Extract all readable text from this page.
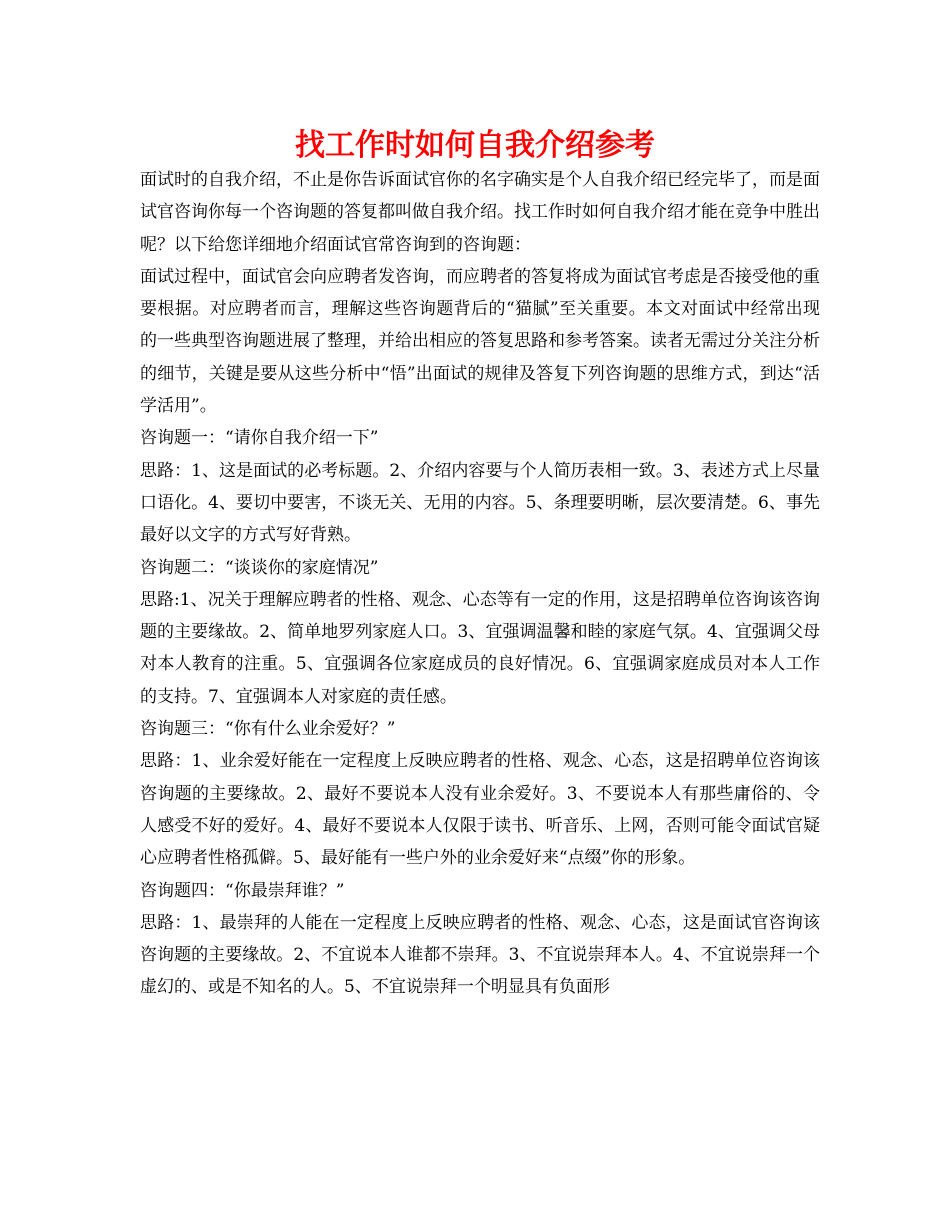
找工作时如何自我介绍参考

面试时的自我介绍，不止是你告诉面试官你的名字确实是个人自我介绍已经完毕了，而是面试官咨询你每一个咨询题的答复都叫做自我介绍。找工作时如何自我介绍才能在竞争中胜出呢？以下给您详细地介绍面试官常咨询到的咨询题：

面试过程中，面试官会向应聘者发咨询，而应聘者的答复将成为面试官考虑是否接受他的重要根据。对应聘者而言，理解这些咨询题背后的“猫腻”至关重要。本文对面试中经常出现的一些典型咨询题进展了整理，并给出相应的答复思路和参考答案。读者无需过分关注分析的细节，关键是要从这些分析中“悟”出面试的规律及答复下列咨询题的思维方式，到达“活学活用”。

咨询题一：“请你自我介绍一下”

思路：1、这是面试的必考标题。2、介绍内容要与个人简历表相一致。3、表述方式上尽量口语化。4、要切中要害，不谈无关、无用的内容。5、条理要明晰，层次要清楚。6、事先最好以文字的方式写好背熟。

咨询题二：“谈谈你的家庭情况”

思路:1、况关于理解应聘者的性格、观念、心态等有一定的作用，这是招聘单位咨询该咨询题的主要缘故。2、简单地罗列家庭人口。3、宜强调温馨和睦的家庭气氛。4、宜强调父母对本人教育的注重。5、宜强调各位家庭成员的良好情况。6、宜强调家庭成员对本人工作的支持。7、宜强调本人对家庭的责任感。

咨询题三：“你有什么业余爱好？”

思路：1、业余爱好能在一定程度上反映应聘者的性格、观念、心态，这是招聘单位咨询该咨询题的主要缘故。2、最好不要说本人没有业余爱好。3、不要说本人有那些庸俗的、令人感受不好的爱好。4、最好不要说本人仅限于读书、听音乐、上网，否则可能令面试官疑心应聘者性格孤僻。5、最好能有一些户外的业余爱好来“点缀”你的形象。

咨询题四：“你最崇拜谁？”

思路：1、最崇拜的人能在一定程度上反映应聘者的性格、观念、心态，这是面试官咨询该咨询题的主要缘故。2、不宜说本人谁都不崇拜。3、不宜说崇拜本人。4、不宜说崇拜一个虚幻的、或是不知名的人。5、不宜说崇拜一个明显具有负面形
